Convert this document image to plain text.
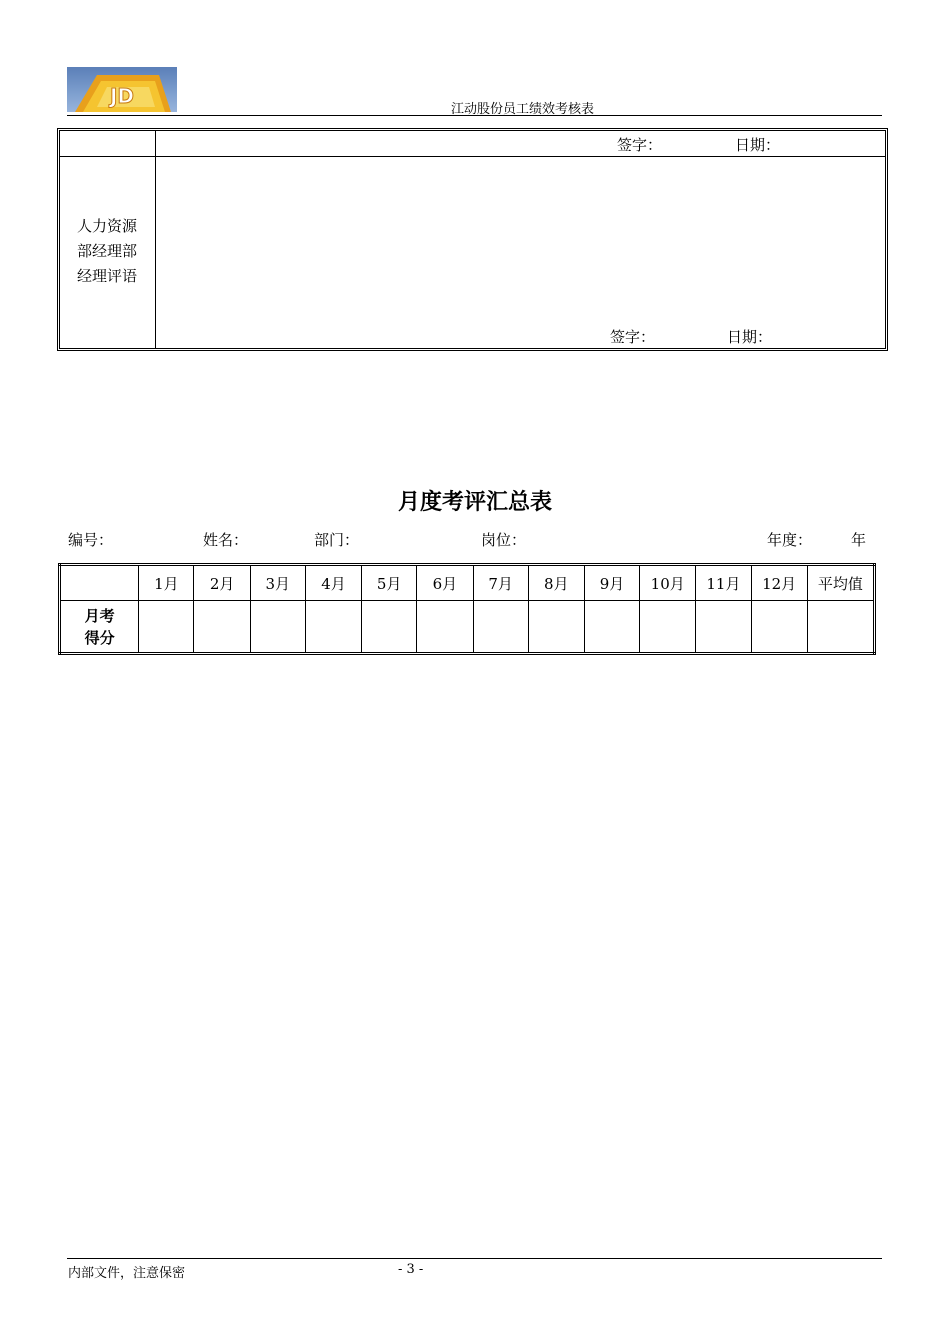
JD
江动股份员工绩效考核表
签字：	日期：
人力资源
部经理部
经理评语
签字：	日期：
月度考评汇总表
编号：	姓名：	部门：	岗位：	年度：	年
	1月	2月	3月	4月	5月	6月	7月	8月	9月	10月	11月	12月	平均值

月考
得分													

内部文件，注意保密	- 3 -
